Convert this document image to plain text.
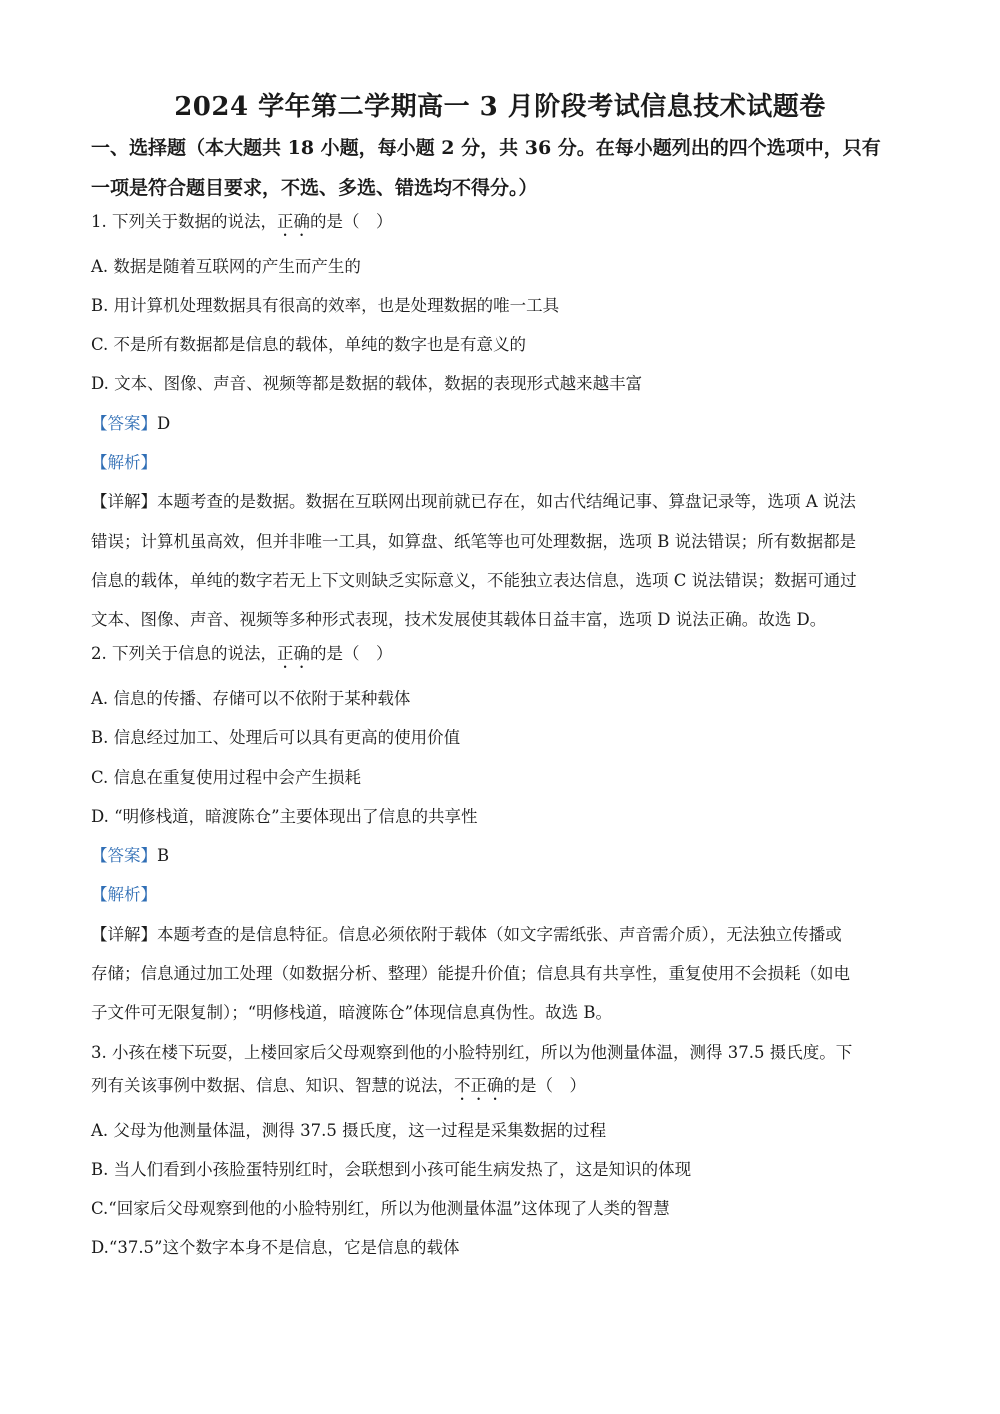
2024 学年第二学期高一 3 月阶段考试信息技术试题卷
一、选择题（本大题共 18 小题，每小题 2 分，共 36 分。在每小题列出的四个选项中，只有
一项是符合题目要求，不选、多选、错选均不得分。）
1. 下列关于数据的说法，正确的是（　）
A. 数据是随着互联网的产生而产生的
B. 用计算机处理数据具有很高的效率，也是处理数据的唯一工具
C. 不是所有数据都是信息的载体，单纯的数字也是有意义的
D. 文本、图像、声音、视频等都是数据的载体，数据的表现形式越来越丰富
【答案】D
【解析】
【详解】本题考查的是数据。数据在互联网出现前就已存在，如古代结绳记事、算盘记录等，选项 A 说法
错误；计算机虽高效，但并非唯一工具，如算盘、纸笔等也可处理数据，选项 B 说法错误；所有数据都是
信息的载体，单纯的数字若无上下文则缺乏实际意义，不能独立表达信息，选项 C 说法错误；数据可通过
文本、图像、声音、视频等多种形式表现，技术发展使其载体日益丰富，选项 D 说法正确。故选 D。
2. 下列关于信息的说法，正确的是（　）
A. 信息的传播、存储可以不依附于某种载体
B. 信息经过加工、处理后可以具有更高的使用价值
C. 信息在重复使用过程中会产生损耗
D. “明修栈道，暗渡陈仓”主要体现出了信息的共享性
【答案】B
【解析】
【详解】本题考查的是信息特征。信息必须依附于载体（如文字需纸张、声音需介质），无法独立传播或
存储；信息通过加工处理（如数据分析、整理）能提升价值；信息具有共享性，重复使用不会损耗（如电
子文件可无限复制）；“明修栈道，暗渡陈仓”体现信息真伪性。故选 B。
3. 小孩在楼下玩耍，上楼回家后父母观察到他的小脸特别红，所以为他测量体温，测得 37.5 摄氏度。下
列有关该事例中数据、信息、知识、智慧的说法，不正确的是（　）
A. 父母为他测量体温，测得 37.5 摄氏度，这一过程是采集数据的过程
B. 当人们看到小孩脸蛋特别红时，会联想到小孩可能生病发热了，这是知识的体现
C.“回家后父母观察到他的小脸特别红，所以为他测量体温”这体现了人类的智慧
D.“37.5”这个数字本身不是信息，它是信息的载体
